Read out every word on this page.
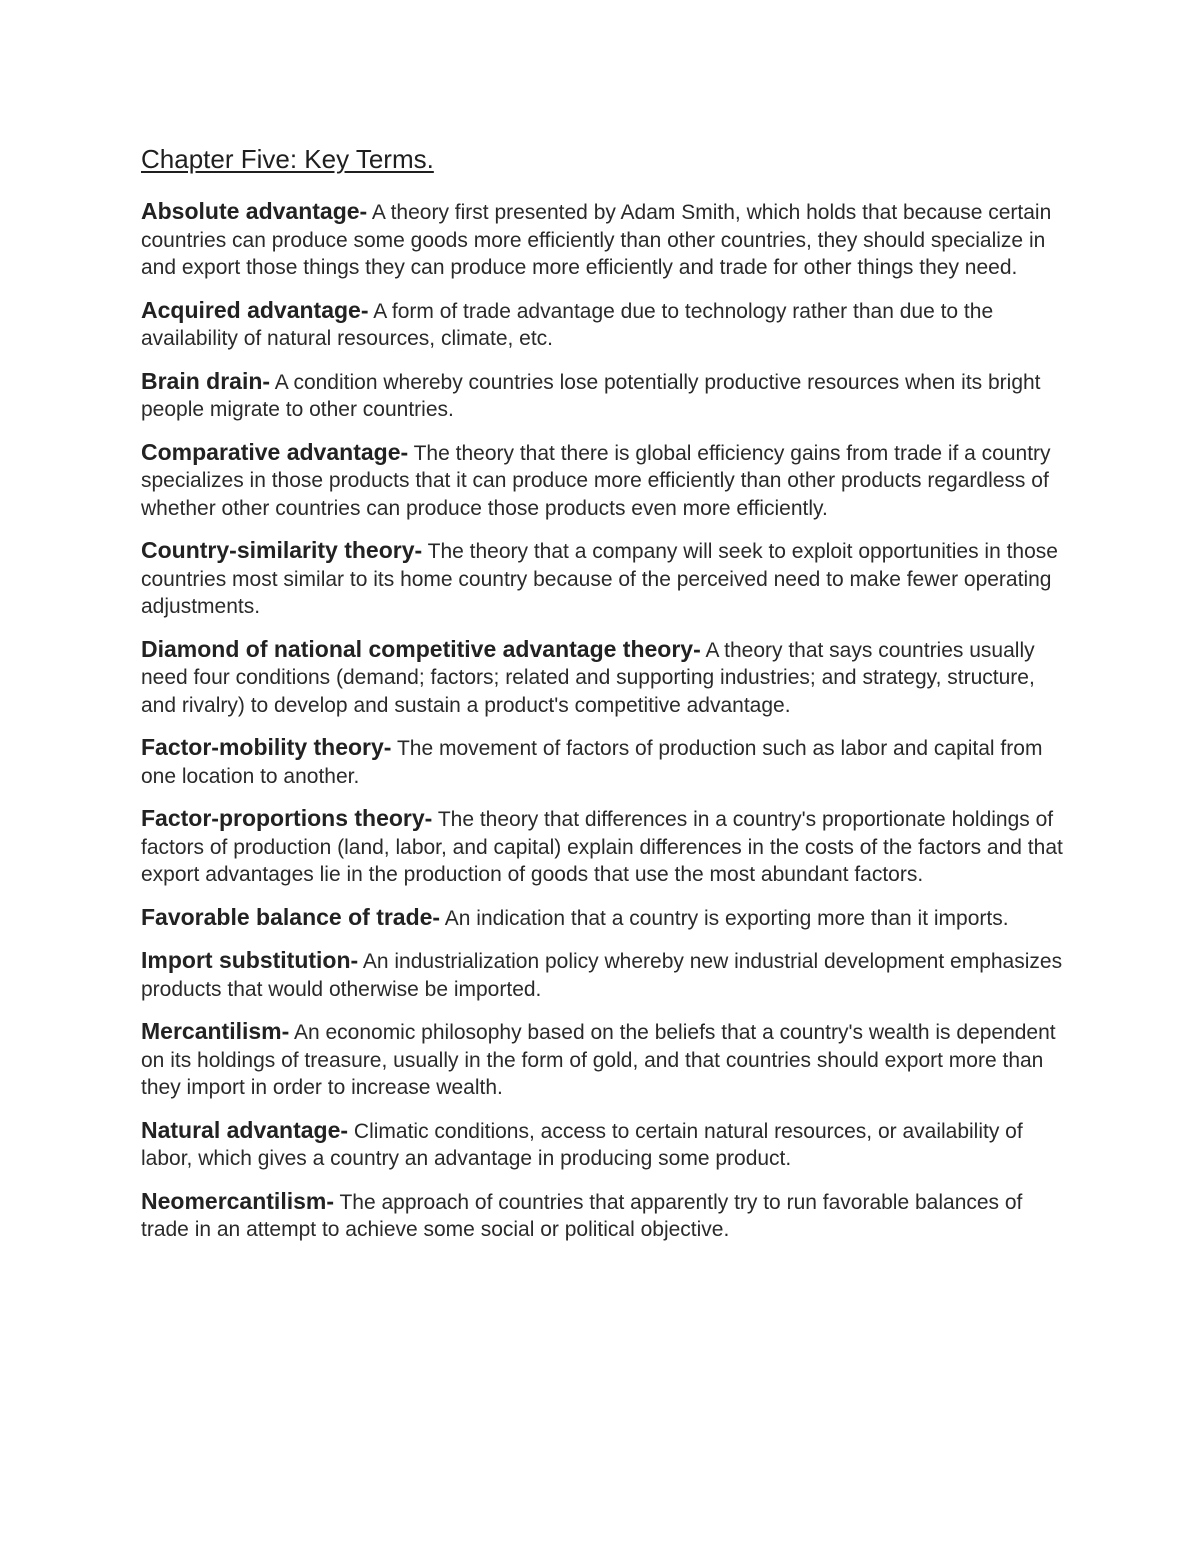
Chapter Five: Key Terms.
Absolute advantage- A theory first presented by Adam Smith, which holds that because certain countries can produce some goods more efficiently than other countries, they should specialize in and export those things they can produce more efficiently and trade for other things they need.
Acquired advantage- A form of trade advantage due to technology rather than due to the availability of natural resources, climate, etc.
Brain drain- A condition whereby countries lose potentially productive resources when its bright people migrate to other countries.
Comparative advantage- The theory that there is global efficiency gains from trade if a country specializes in those products that it can produce more efficiently than other products regardless of whether other countries can produce those products even more efficiently.
Country-similarity theory- The theory that a company will seek to exploit opportunities in those countries most similar to its home country because of the perceived need to make fewer operating adjustments.
Diamond of national competitive advantage theory- A theory that says countries usually need four conditions (demand; factors; related and supporting industries; and strategy, structure, and rivalry) to develop and sustain a product's competitive advantage.
Factor-mobility theory- The movement of factors of production such as labor and capital from one location to another.
Factor-proportions theory- The theory that differences in a country's proportionate holdings of factors of production (land, labor, and capital) explain differences in the costs of the factors and that export advantages lie in the production of goods that use the most abundant factors.
Favorable balance of trade- An indication that a country is exporting more than it imports.
Import substitution- An industrialization policy whereby new industrial development emphasizes products that would otherwise be imported.
Mercantilism- An economic philosophy based on the beliefs that a country's wealth is dependent on its holdings of treasure, usually in the form of gold, and that countries should export more than they import in order to increase wealth.
Natural advantage- Climatic conditions, access to certain natural resources, or availability of labor, which gives a country an advantage in producing some product.
Neomercantilism- The approach of countries that apparently try to run favorable balances of trade in an attempt to achieve some social or political objective.
